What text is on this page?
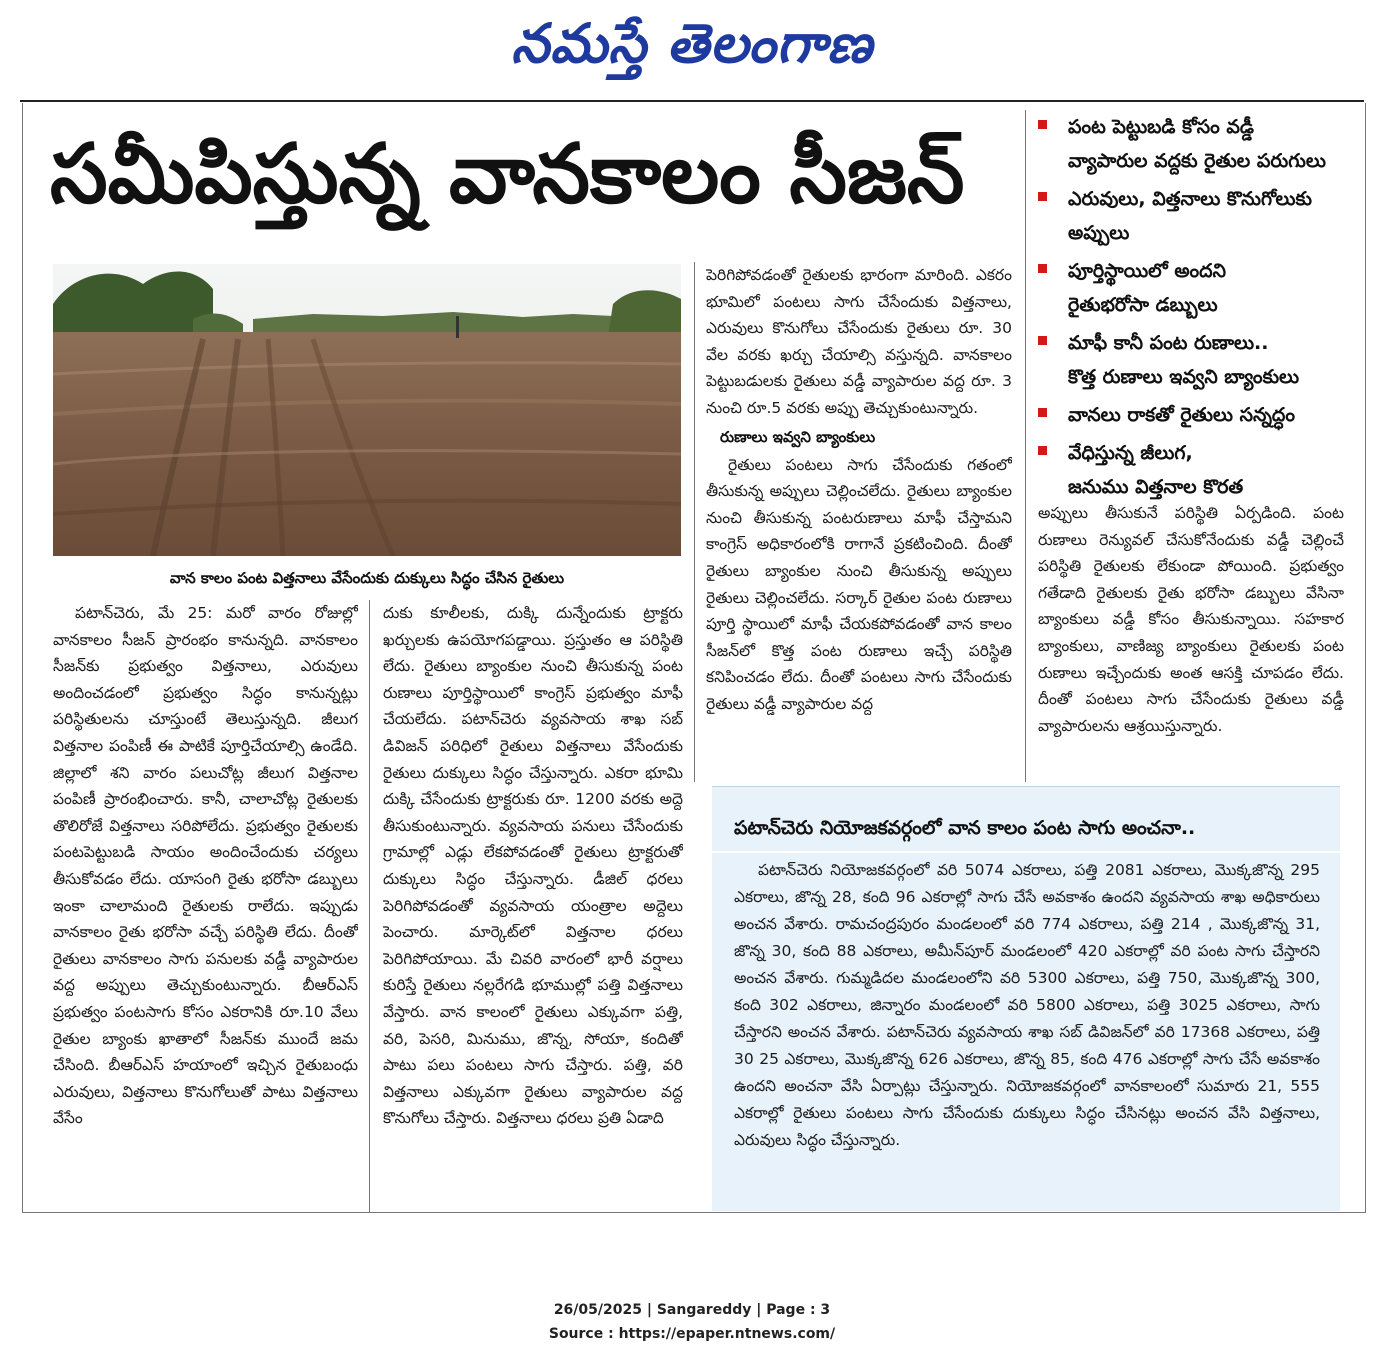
నమస్తే తెలంగాణ
సమీపిస్తున్న వానకాలం సీజన్	పంట పెట్టుబడి కోసం వడ్డీ
వ్యాపారుల వద్దకు రైతుల పరుగులు
ఎరువులు, విత్తనాలు కొనుగోలుకు
అప్పులు
పూర్తిస్థాయిలో అందని
రైతుభరోసా డబ్బులు
మాఫీ కానీ పంట రుణాలు..
కొత్త రుణాలు ఇవ్వని బ్యాంకులు
వానలు రాకతో రైతులు సన్నద్ధం
వేధిస్తున్న జీలుగ,
జనుము విత్తనాల కొరత
వాన కాలం పంట విత్తనాలు వేసేందుకు దుక్కులు సిద్ధం చేసిన రైతులు

పటాన్‌చెరు, మే 25: మరో వారం రోజుల్లో వానకాలం సీజన్ ప్రారంభం కానున్నది. వానకాలం సీజన్‌కు ప్రభుత్వం విత్తనాలు, ఎరువులు అందించడంలో ప్రభుత్వం సిద్ధం కానున్నట్లు పరిస్థితులను చూస్తుంటే తెలుస్తున్నది. జీలుగ విత్తనాల పంపిణీ ఈ పాటికే పూర్తిచేయాల్సి ఉండేది. జిల్లాలో శని వారం పలుచోట్ల జీలుగ విత్తనాల పంపిణీ ప్రారంభించారు. కానీ, చాలాచోట్ల రైతులకు తొలిరోజే విత్తనాలు సరిపోలేదు. ప్రభుత్వం రైతులకు పంటపెట్టుబడి సాయం అందించేందుకు చర్యలు తీసుకోవడం లేదు. యాసంగి రైతు భరోసా డబ్బులు ఇంకా చాలామంది రైతులకు రాలేదు. ఇప్పుడు వానకాలం రైతు భరోసా వచ్చే పరిస్థితి లేదు. దీంతో రైతులు వానకాలం సాగు పనులకు వడ్డీ వ్యాపారుల వద్ద అప్పులు తెచ్చుకుంటున్నారు. బీఆర్‌ఎస్ ప్రభుత్వం పంటసాగు కోసం ఎకరానికి రూ.10 వేలు రైతుల బ్యాంకు ఖాతాలో సీజన్‌కు ముందే జమ చేసింది. బీఆర్‌ఎస్ హయాంలో ఇచ్చిన రైతుబంధు ఎరువులు, విత్తనాలు కొనుగోలుతో పాటు విత్తనాలు వేసేం

దుకు కూలీలకు, దుక్కి దున్నేందుకు ట్రాక్టరు ఖర్చులకు ఉపయోగపడ్డాయి. ప్రస్తుతం ఆ పరిస్థితి లేదు. రైతులు బ్యాంకుల నుంచి తీసుకున్న పంట రుణాలు పూర్తిస్థాయిలో కాంగ్రెస్ ప్రభుత్వం మాఫీ చేయలేదు. పటాన్‌చెరు వ్యవసాయ శాఖ సబ్ డివిజన్ పరిధిలో రైతులు విత్తనాలు వేసేందుకు రైతులు దుక్కులు సిద్ధం చేస్తున్నారు. ఎకరా భూమి దుక్కి చేసేందుకు ట్రాక్టరుకు రూ. 1200 వరకు అద్దె తీసుకుంటున్నారు. వ్యవసాయ పనులు చేసేందుకు గ్రామాల్లో ఎడ్లు లేకపోవడంతో రైతులు ట్రాక్టరుతో దుక్కులు సిద్ధం చేస్తున్నారు. డీజిల్ ధరలు పెరిగిపోవడంతో వ్యవసాయ యంత్రాల అద్దెలు పెంచారు. మార్కెట్‌లో విత్తనాల ధరలు పెరిగిపోయాయి. మే చివరి వారంలో భారీ వర్షాలు కురిస్తే రైతులు నల్లరేగడి భూముల్లో పత్తి విత్తనాలు వేస్తారు. వాన కాలంలో రైతులు ఎక్కువగా పత్తి, వరి, పెసరి, మినుము, జొన్న, సోయా, కందితో పాటు పలు పంటలు సాగు చేస్తారు. పత్తి, వరి విత్తనాలు ఎక్కువగా రైతులు వ్యాపారుల వద్ద కొనుగోలు చేస్తారు. విత్తనాలు ధరలు ప్రతి ఏడాది

పెరిగిపోవడంతో రైతులకు భారంగా మారింది. ఎకరం భూమిలో పంటలు సాగు చేసేందుకు విత్తనాలు, ఎరువులు కొనుగోలు చేసేందుకు రైతులు రూ. 30 వేల వరకు ఖర్చు చేయాల్సి వస్తున్నది. వానకాలం పెట్టుబడులకు రైతులు వడ్డీ వ్యాపారుల వద్ద రూ. 3 నుంచి రూ.5 వరకు అప్పు తెచ్చుకుంటున్నారు.

రుణాలు ఇవ్వని బ్యాంకులు

రైతులు పంటలు సాగు చేసేందుకు గతంలో తీసుకున్న అప్పులు చెల్లించలేదు. రైతులు బ్యాంకుల నుంచి తీసుకున్న పంటరుణాలు మాఫీ చేస్తామని కాంగ్రెస్ అధికారంలోకి రాగానే ప్రకటించింది. దీంతో రైతులు బ్యాంకుల నుంచి తీసుకున్న అప్పులు రైతులు చెల్లించలేదు. సర్కార్ రైతుల పంట రుణాలు పూర్తి స్థాయిలో మాఫీ చేయకపోవడంతో వాన కాలం సీజన్‌లో కొత్త పంట రుణాలు ఇచ్చే పరిస్థితి కనిపించడం లేదు. దీంతో పంటలు సాగు చేసేందుకు రైతులు వడ్డీ వ్యాపారుల వద్ద

అప్పులు తీసుకునే పరిస్థితి ఏర్పడింది. పంట రుణాలు రెన్యువల్ చేసుకోనేందుకు వడ్డీ చెల్లించే పరిస్థితి రైతులకు లేకుండా పోయింది. ప్రభుత్వం గతేడాది రైతులకు రైతు భరోసా డబ్బులు వేసినా బ్యాంకులు వడ్డీ కోసం తీసుకున్నాయి. సహకార బ్యాంకులు, వాణిజ్య బ్యాంకులు రైతులకు పంట రుణాలు ఇచ్చేందుకు అంత ఆసక్తి చూపడం లేదు. దీంతో పంటలు సాగు చేసేందుకు రైతులు వడ్డీ వ్యాపారులను ఆశ్రయిస్తున్నారు.

పటాన్‌చెరు నియోజకవర్గంలో వాన కాలం పంట సాగు అంచనా..

పటాన్‌చెరు నియోజకవర్గంలో వరి 5074 ఎకరాలు, పత్తి 2081 ఎకరాలు, మొక్కజొన్న 295 ఎకరాలు, జొన్న 28, కంది 96 ఎకరాల్లో సాగు చేసే అవకాశం ఉందని వ్యవసాయ శాఖ అధికారులు అంచన వేశారు. రామచంద్రపురం మండలంలో వరి 774 ఎకరాలు, పత్తి 214 , మొక్కజొన్న 31, జొన్న 30, కంది 88 ఎకరాలు, అమీన్‌పూర్ మండలంలో 420 ఎకరాల్లో వరి పంట సాగు చేస్తారని అంచన వేశారు. గుమ్మడిదల మండలంలోని వరి 5300 ఎకరాలు, పత్తి 750, మొక్కజొన్న 300, కంది 302 ఎకరాలు, జిన్నారం మండలంలో వరి 5800 ఎకరాలు, పత్తి 3025 ఎకరాలు, సాగు చేస్తారని అంచన వేశారు. పటాన్‌చెరు వ్యవసాయ శాఖ సబ్ డివిజన్‌లో వరి 17368 ఎకరాలు, పత్తి 30 25 ఎకరాలు, మొక్కజొన్న 626 ఎకరాలు, జొన్న 85, కంది 476 ఎకరాల్లో సాగు చేసే అవకాశం ఉందని అంచనా వేసి ఏర్పాట్లు చేస్తున్నారు. నియోజకవర్గంలో వానకాలంలో సుమారు 21, 555 ఎకరాల్లో రైతులు పంటలు సాగు చేసేందుకు దుక్కులు సిద్ధం చేసినట్లు అంచన వేసి విత్తనాలు, ఎరువులు సిద్ధం చేస్తున్నారు.

26/05/2025 | Sangareddy | Page : 3
Source : https://epaper.ntnews.com/
